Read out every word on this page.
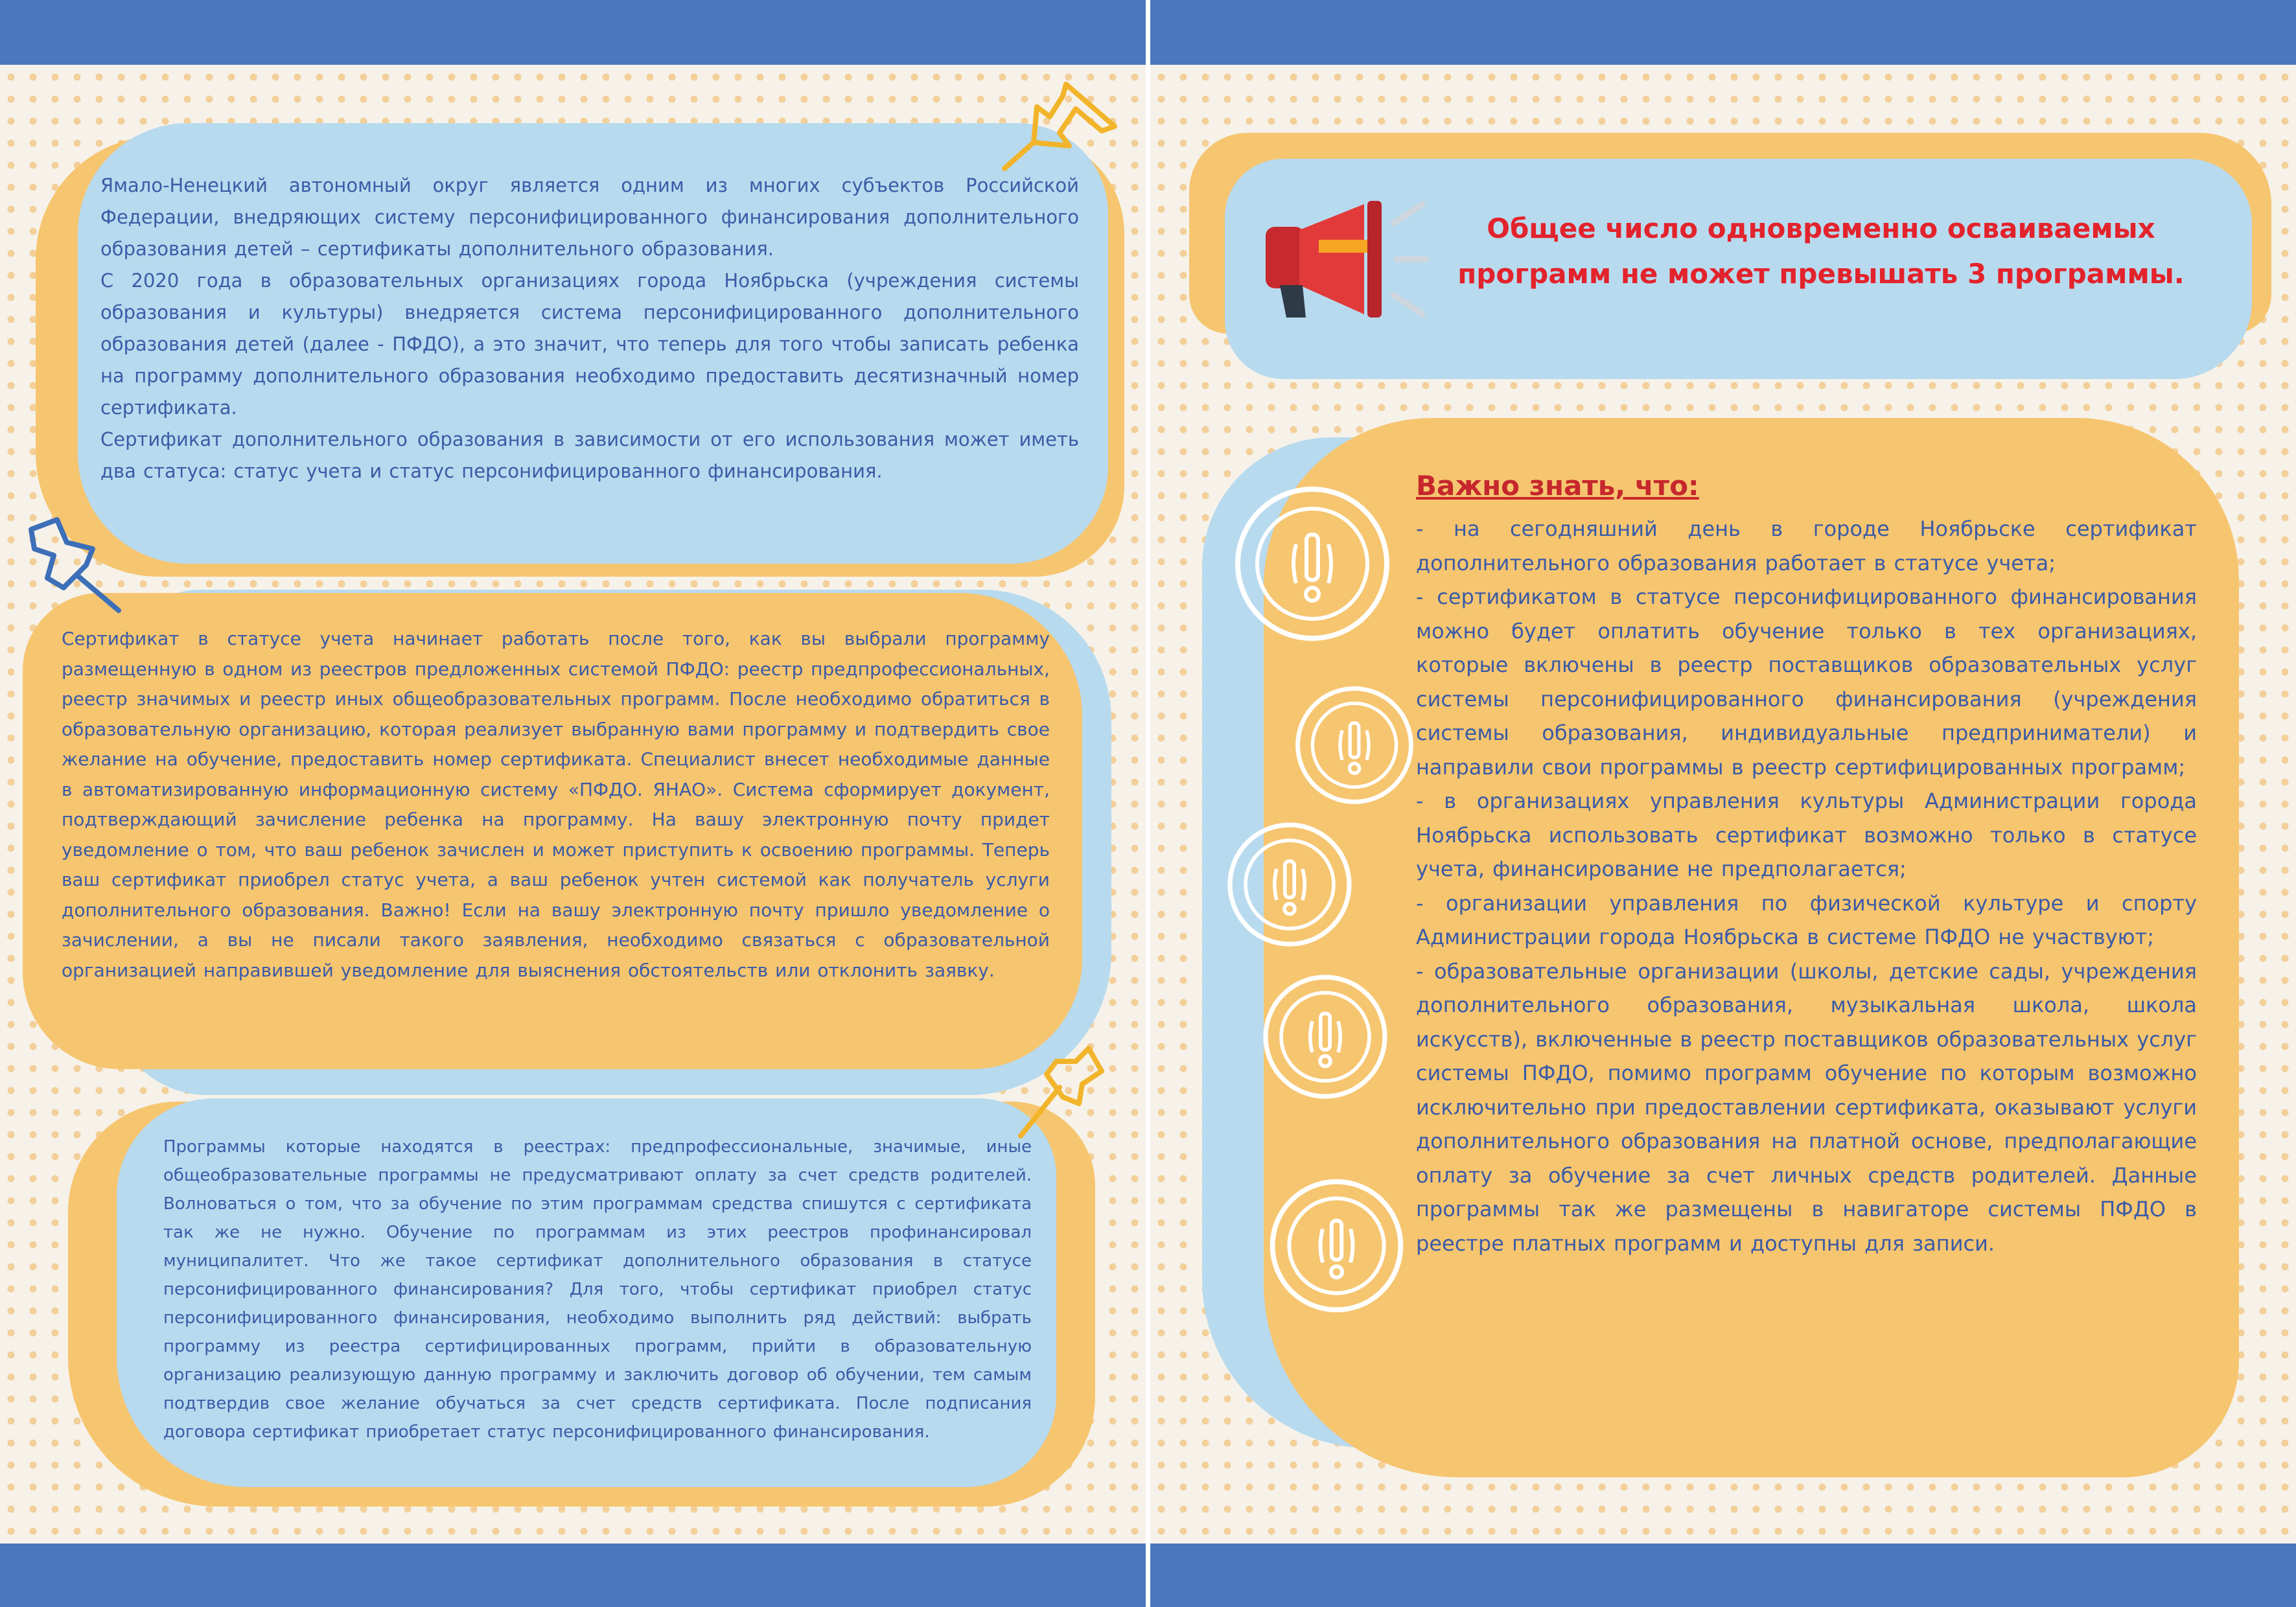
Ямало-Ненецкий автономный округ является одним из многих субъектов Российской Федерации, внедряющих систему персонифицированного финансирования дополнительного образования детей – сертификаты дополнительного образования.
С 2020 года в образовательных организациях города Ноябрьска (учреждения системы образования и культуры) внедряется система персонифицированного дополнительного образования детей (далее - ПФДО), а это значит, что теперь для того чтобы записать ребенка на программу дополнительного образования необходимо предоставить десятизначный номер сертификата.
Сертификат дополнительного образования в зависимости от его использования может иметь два статуса: статус учета и статус персонифицированного финансирования.

Сертификат в статусе учета начинает работать после того, как вы выбрали программу размещенную в одном из реестров предложенных системой ПФДО: реестр предпрофессиональных, реестр значимых и реестр иных общеобразовательных программ. После необходимо обратиться в образовательную организацию, которая реализует выбранную вами программу и подтвердить свое желание на обучение, предоставить номер сертификата. Специалист внесет необходимые данные в автоматизированную информационную систему «ПФДО. ЯНАО». Система сформирует документ, подтверждающий зачисление ребенка на программу. На вашу электронную почту придет уведомление о том, что ваш ребенок зачислен и может приступить к освоению программы. Теперь ваш сертификат приобрел статус учета, а ваш ребенок учтен системой как получатель услуги дополнительного образования. Важно! Если на вашу электронную почту пришло уведомление о зачислении, а вы не писали такого заявления, необходимо связаться с образовательной организацией направившей уведомление для выяснения обстоятельств или отклонить заявку.

Программы которые находятся в реестрах: предпрофессиональные, значимые, иные общеобразовательные программы не предусматривают оплату за счет средств родителей. Волноваться о том, что за обучение по этим программам средства спишутся с сертификата так же не нужно. Обучение по программам из этих реестров профинансировал муниципалитет. Что же такое сертификат дополнительного образования в статусе персонифицированного финансирования? Для того, чтобы сертификат приобрел статус персонифицированного финансирования, необходимо выполнить ряд действий: выбрать программу из реестра сертифицированных программ, прийти в образовательную организацию реализующую данную программу и заключить договор об обучении, тем самым подтвердив свое желание обучаться за счет средств сертификата. После подписания договора сертификат приобретает статус персонифицированного финансирования.

Общее число одновременно осваиваемых программ не может превышать 3 программы.

Важно знать, что:

- на сегодняшний день в городе Ноябрьске сертификат дополнительного образования работает в статусе учета;
- сертификатом в статусе персонифицированного финансирования можно будет оплатить обучение только в тех организациях, которые включены в реестр поставщиков образовательных услуг системы персонифицированного финансирования (учреждения системы образования, индивидуальные предприниматели) и направили свои программы в реестр сертифицированных программ;
- в организациях управления культуры Администрации города Ноябрьска использовать сертификат возможно только в статусе учета, финансирование не предполагается;
- организации управления по физической культуре и спорту Администрации города Ноябрьска в системе ПФДО не участвуют;
- образовательные организации (школы, детские сады, учреждения дополнительного образования, музыкальная школа, школа искусств), включенные в реестр поставщиков образовательных услуг системы ПФДО, помимо программ обучение по которым возможно исключительно при предоставлении сертификата, оказывают услуги дополнительного образования на платной основе, предполагающие оплату за обучение за счет личных средств родителей. Данные программы так же размещены в навигаторе системы ПФДО в реестре платных программ и доступны для записи.
